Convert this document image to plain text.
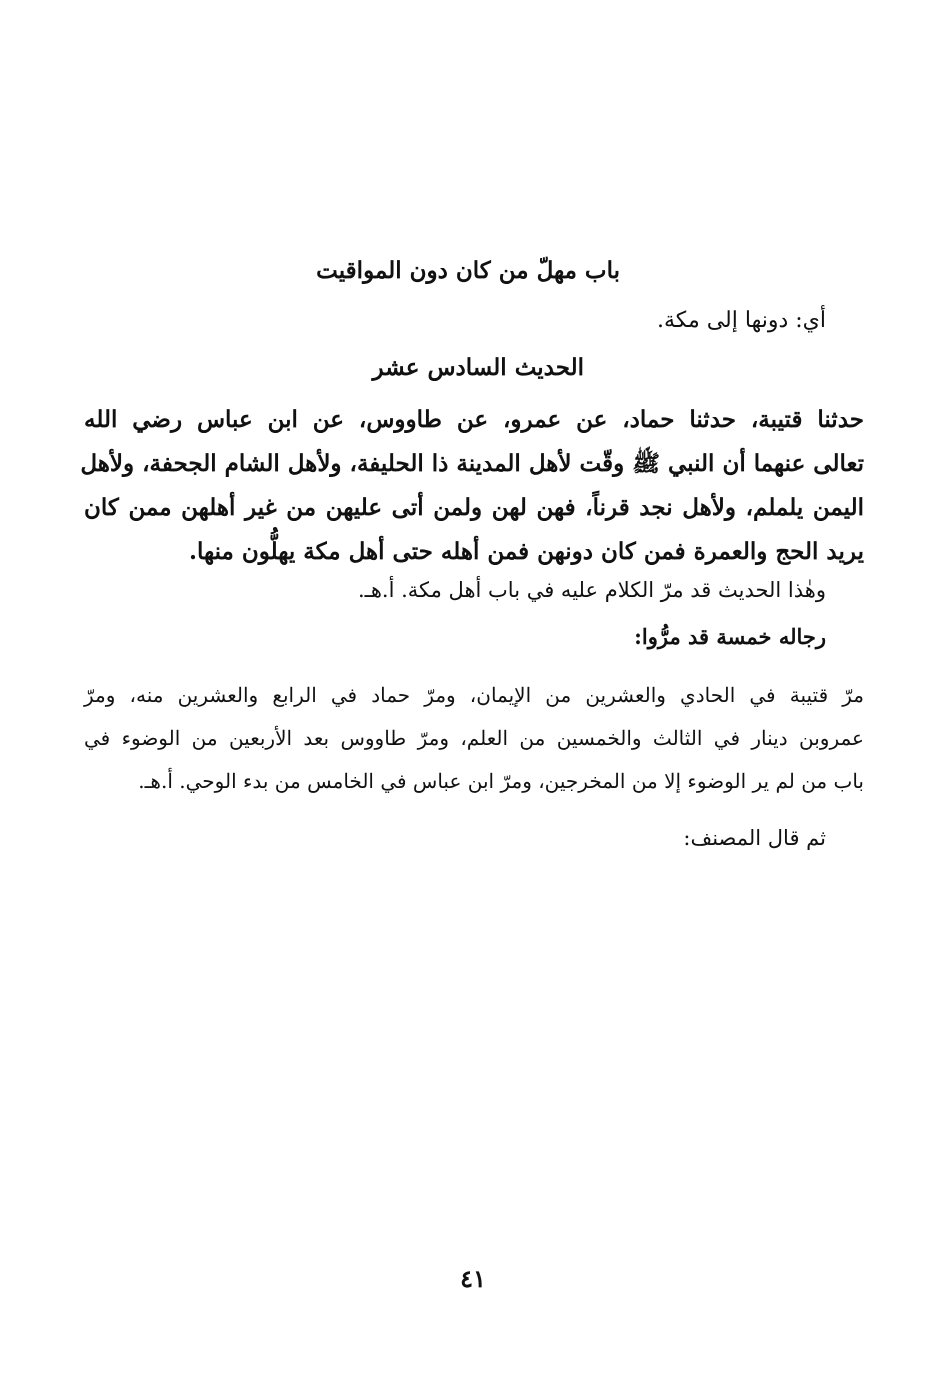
باب مهلّ من كان دون المواقيت
أي: دونها إلى مكة.
الحديث السادس عشر
حدثنا قتيبة، حدثنا حماد، عن عمرو، عن طاووس، عن ابن عباس رضي الله
تعالى عنهما أن النبي ﷺ وقّت لأهل المدينة ذا الحليفة، ولأهل الشام الجحفة، ولأهل
اليمن يلملم، ولأهل نجد قرناً، فهن لهن ولمن أتى عليهن من غير أهلهن ممن كان
يريد الحج والعمرة فمن كان دونهن فمن أهله حتى أهل مكة يهلُّون منها.
وهٰذا الحديث قد مرّ الكلام عليه في باب أهل مكة. أ.هـ.
رجاله خمسة قد مرُّوا:
مرّ قتيبة في الحادي والعشرين من الإيمان، ومرّ حماد في الرابع والعشرين منه، ومرّ
عمروبن دينار في الثالث والخمسين من العلم، ومرّ طاووس بعد الأربعين من الوضوء في
باب من لم ير الوضوء إلا من المخرجين، ومرّ ابن عباس في الخامس من بدء الوحي. أ.هـ.
ثم قال المصنف:
٤١
